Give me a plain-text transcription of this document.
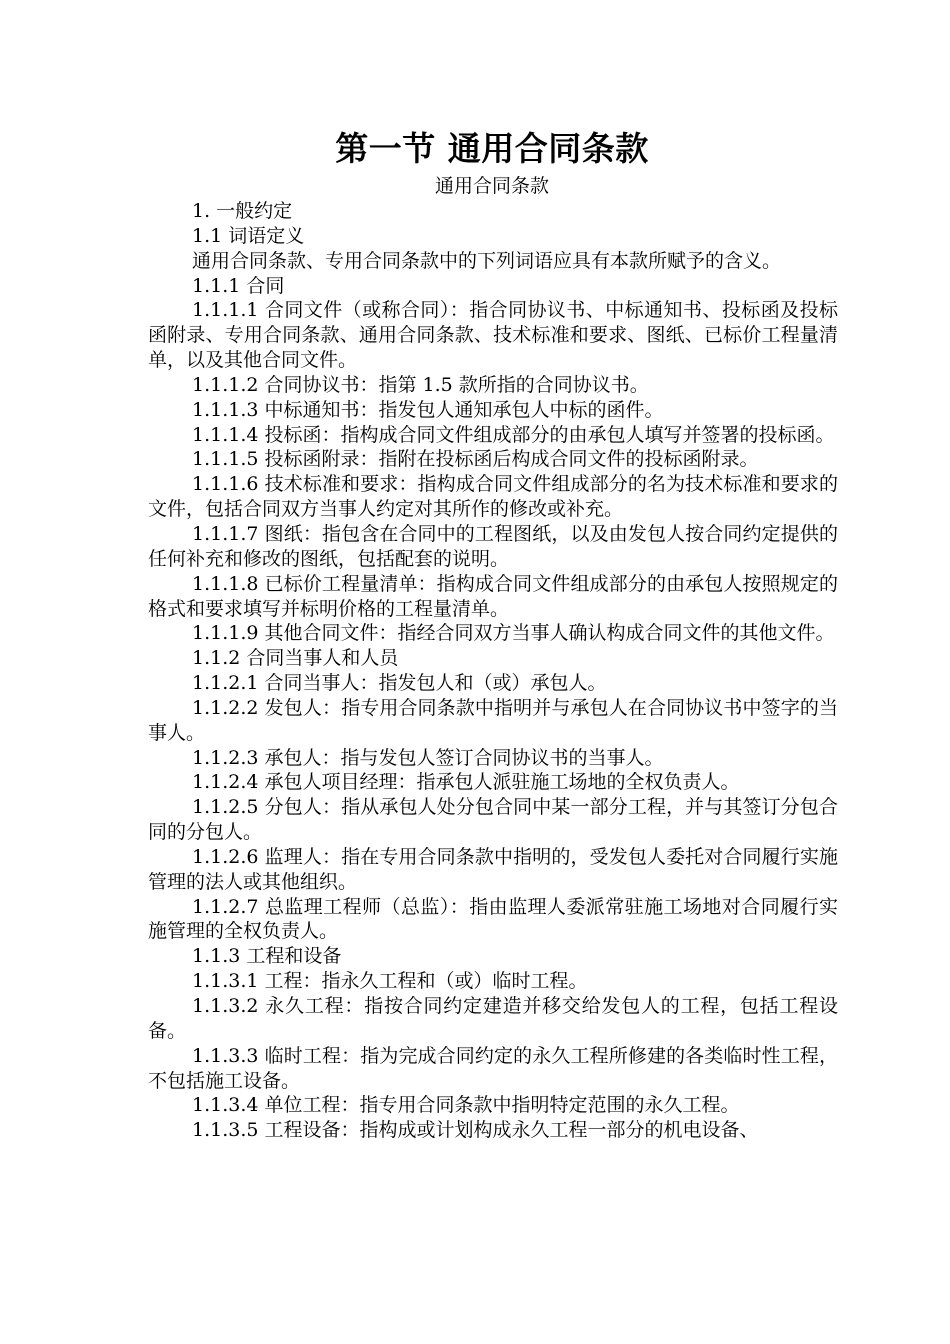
第一节 通用合同条款
通用合同条款

1. 一般约定

1.1 词语定义

通用合同条款、专用合同条款中的下列词语应具有本款所赋予的含义。

1.1.1 合同

1.1.1.1 合同文件（或称合同）：指合同协议书、中标通知书、投标函及投标函附录、专用合同条款、通用合同条款、技术标准和要求、图纸、已标价工程量清单，以及其他合同文件。

1.1.1.2 合同协议书：指第 1.5 款所指的合同协议书。

1.1.1.3 中标通知书：指发包人通知承包人中标的函件。

1.1.1.4 投标函：指构成合同文件组成部分的由承包人填写并签署的投标函。

1.1.1.5 投标函附录：指附在投标函后构成合同文件的投标函附录。

1.1.1.6 技术标准和要求：指构成合同文件组成部分的名为技术标准和要求的文件，包括合同双方当事人约定对其所作的修改或补充。

1.1.1.7 图纸：指包含在合同中的工程图纸，以及由发包人按合同约定提供的任何补充和修改的图纸，包括配套的说明。

1.1.1.8 已标价工程量清单：指构成合同文件组成部分的由承包人按照规定的格式和要求填写并标明价格的工程量清单。

1.1.1.9 其他合同文件：指经合同双方当事人确认构成合同文件的其他文件。

1.1.2 合同当事人和人员

1.1.2.1 合同当事人：指发包人和（或）承包人。

1.1.2.2 发包人：指专用合同条款中指明并与承包人在合同协议书中签字的当事人。

1.1.2.3 承包人：指与发包人签订合同协议书的当事人。

1.1.2.4 承包人项目经理：指承包人派驻施工场地的全权负责人。

1.1.2.5 分包人：指从承包人处分包合同中某一部分工程，并与其签订分包合同的分包人。

1.1.2.6 监理人：指在专用合同条款中指明的，受发包人委托对合同履行实施管理的法人或其他组织。

1.1.2.7 总监理工程师（总监）：指由监理人委派常驻施工场地对合同履行实施管理的全权负责人。

1.1.3 工程和设备

1.1.3.1 工程：指永久工程和（或）临时工程。

1.1.3.2 永久工程：指按合同约定建造并移交给发包人的工程，包括工程设备。

1.1.3.3 临时工程：指为完成合同约定的永久工程所修建的各类临时性工程，不包括施工设备。

1.1.3.4 单位工程：指专用合同条款中指明特定范围的永久工程。

1.1.3.5 工程设备：指构成或计划构成永久工程一部分的机电设备、
